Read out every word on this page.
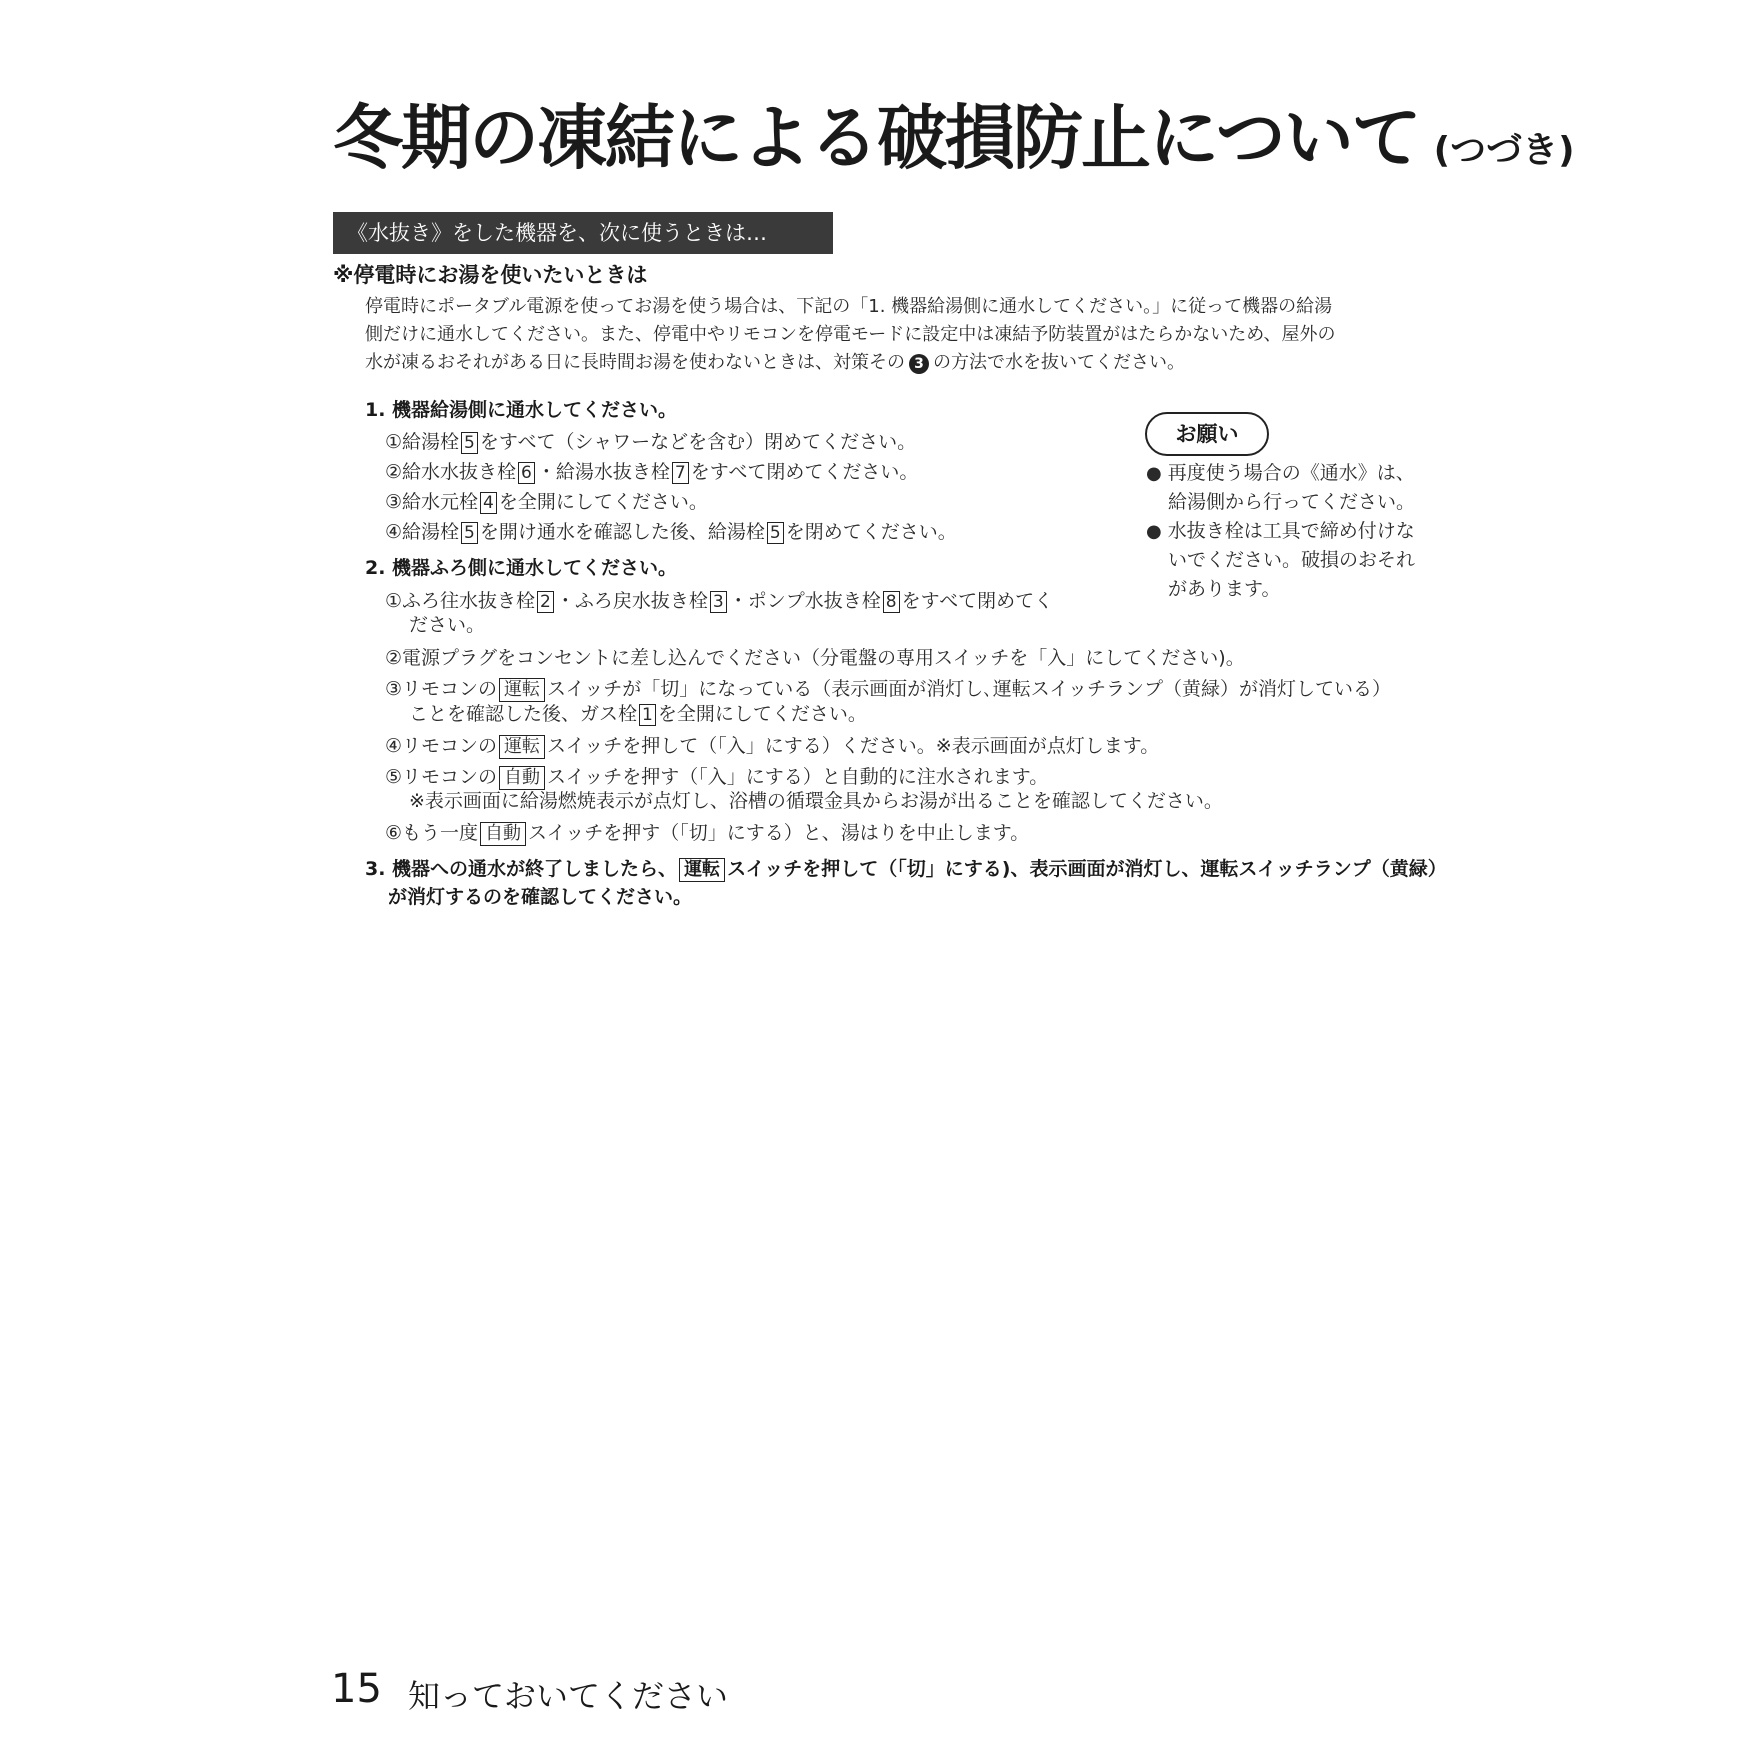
冬期の凍結による破損防止について (つづき)
《水抜き》をした機器を、次に使うときは…
※停電時にお湯を使いたいときは
停電時にポータブル電源を使ってお湯を使う場合は、下記の「1. 機器給湯側に通水してください。」に従って機器の給湯
側だけに通水してください。また、停電中やリモコンを停電モードに設定中は凍結予防装置がはたらかないため、屋外の
水が凍るおそれがある日に長時間お湯を使わないときは、対策その 3 の方法で水を抜いてください。
1. 機器給湯側に通水してください。
①給湯栓 5 をすべて（シャワーなどを含む）閉めてください。
②給水水抜き栓 6 ・給湯水抜き栓 7 をすべて閉めてください。
③給水元栓 4 を全開にしてください。
④給湯栓 5 を開け通水を確認した後、給湯栓 5 を閉めてください。
2. 機器ふろ側に通水してください。
①ふろ往水抜き栓 2 ・ふろ戻水抜き栓 3 ・ポンプ水抜き栓 8 をすべて閉めてく
ださい。
②電源プラグをコンセントに差し込んでください（分電盤の専用スイッチを「入」にしてください)。
③リモコンの 運転 スイッチが「切」になっている（表示画面が消灯し､運転スイッチランプ（黄緑）が消灯している）
ことを確認した後、ガス栓 1 を全開にしてください。
④リモコンの 運転 スイッチを押して（｢入」にする）ください。※表示画面が点灯します。
⑤リモコンの 自動 スイッチを押す（「入」にする）と自動的に注水されます。
※表示画面に給湯燃焼表示が点灯し、浴槽の循環金具からお湯が出ることを確認してください。
⑥もう一度 自動 スイッチを押す（｢切」にする）と、湯はりを中止します。
3. 機器への通水が終了しましたら、 運転 スイッチを押して（｢切」にする)、表示画面が消灯し、運転スイッチランプ（黄緑）
が消灯するのを確認してください。
お願い
● 再度使う場合の《通水》は、
給湯側から行ってください。
● 水抜き栓は工具で締め付けな
いでください。破損のおそれ
があります。
15 知っておいてください
